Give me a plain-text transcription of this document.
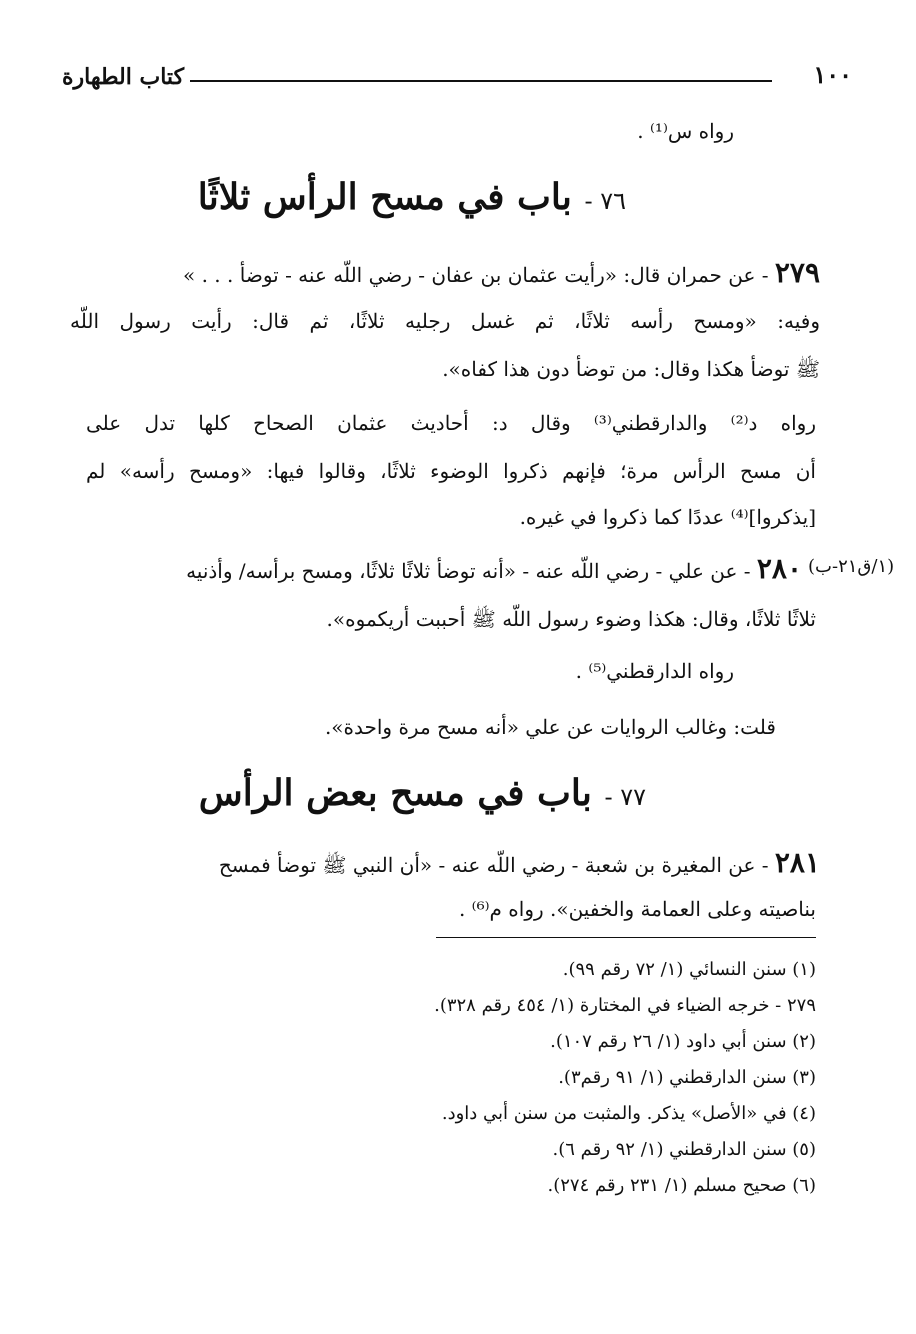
١٠٠
كتاب الطهارة
رواه س⁽¹⁾ .
٧٦ - باب في مسح الرأس ثلاثًا
٢٧٩ - عن حمران قال: «رأيت عثمان بن عفان - رضي اللّه عنه - توضأ . . . »
وفيه: «ومسح رأسه ثلاثًا، ثم غسل رجليه ثلاثًا، ثم قال: رأيت رسول اللّه
ﷺ توضأ هكذا وقال: من توضأ دون هذا كفاه».
رواه د⁽²⁾ والدارقطني⁽³⁾ وقال د: أحاديث عثمان الصحاح كلها تدل على
أن مسح الرأس مرة؛ فإنهم ذكروا الوضوء ثلاثًا، وقالوا فيها: «ومسح رأسه» لم
[يذكروا]⁽⁴⁾ عددًا كما ذكروا في غيره.
(١/ق٢١-ب)
٢٨٠ - عن علي - رضي اللّه عنه - «أنه توضأ ثلاثًا ثلاثًا، ومسح برأسه/ وأذنيه
ثلاثًا ثلاثًا، وقال: هكذا وضوء رسول اللّه ﷺ أحببت أريكموه».
رواه الدارقطني⁽⁵⁾ .
قلت: وغالب الروايات عن علي «أنه مسح مرة واحدة».
٧٧ - باب في مسح بعض الرأس
٢٨١ - عن المغيرة بن شعبة - رضي اللّه عنه - «أن النبي ﷺ توضأ فمسح
بناصيته وعلى العمامة والخفين». رواه م⁽⁶⁾ .
(١) سنن النسائي (١/ ٧٢ رقم ٩٩).
٢٧٩ - خرجه الضياء في المختارة (١/ ٤٥٤ رقم ٣٢٨).
(٢) سنن أبي داود (١/ ٢٦ رقم ١٠٧).
(٣) سنن الدارقطني (١/ ٩١ رقم٣).
(٤) في «الأصل» يذكر. والمثبت من سنن أبي داود.
(٥) سنن الدارقطني (١/ ٩٢ رقم ٦).
(٦) صحيح مسلم (١/ ٢٣١ رقم ٢٧٤).
